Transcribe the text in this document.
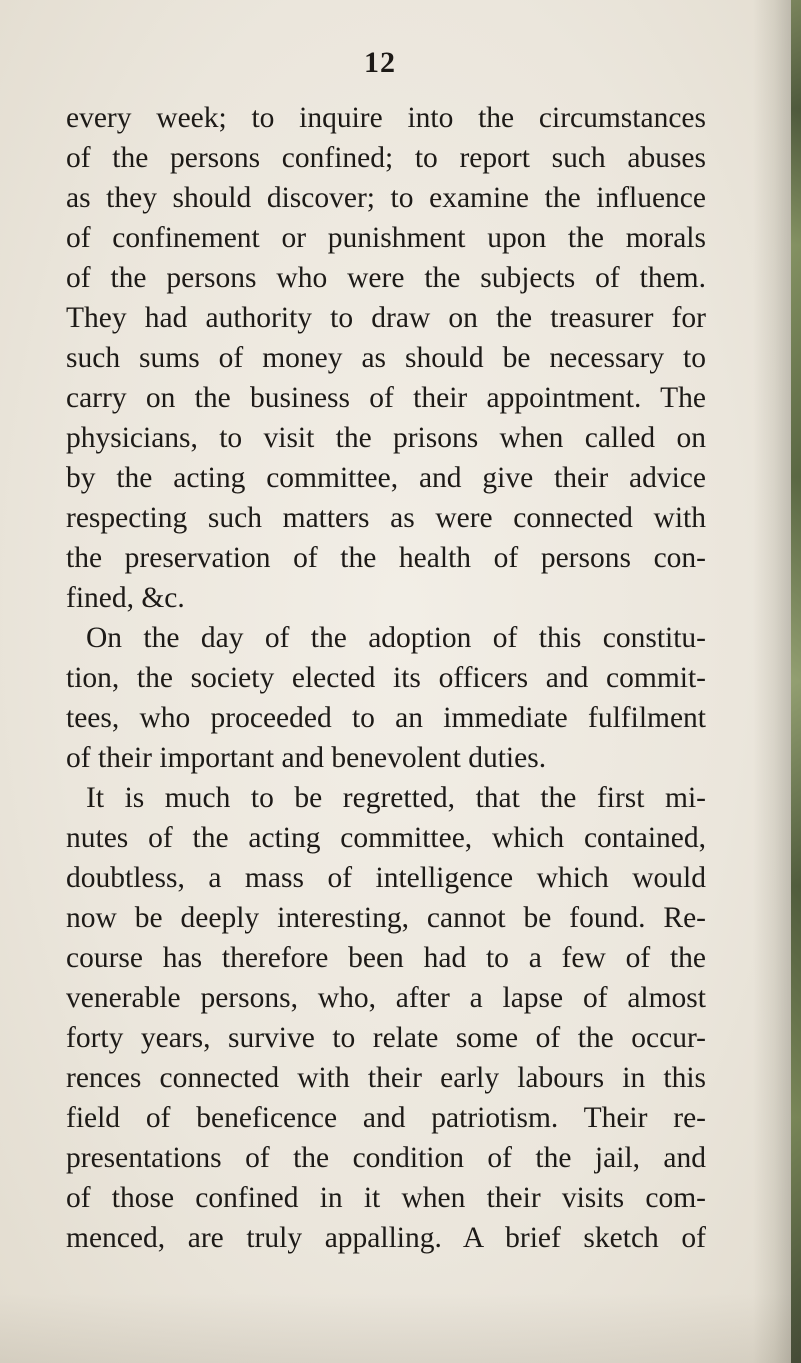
12
every week; to inquire into the circumstances
of the persons confined; to report such abuses
as they should discover; to examine the influence
of confinement or punishment upon the morals
of the persons who were the subjects of them.
They had authority to draw on the treasurer for
such sums of money as should be necessary to
carry on the business of their appointment. The
physicians, to visit the prisons when called on
by the acting committee, and give their advice
respecting such matters as were connected with
the preservation of the health of persons con-
fined, &c.
On the day of the adoption of this constitu-
tion, the society elected its officers and commit-
tees, who proceeded to an immediate fulfilment
of their important and benevolent duties.
It is much to be regretted, that the first mi-
nutes of the acting committee, which contained,
doubtless, a mass of intelligence which would
now be deeply interesting, cannot be found. Re-
course has therefore been had to a few of the
venerable persons, who, after a lapse of almost
forty years, survive to relate some of the occur-
rences connected with their early labours in this
field of beneficence and patriotism. Their re-
presentations of the condition of the jail, and
of those confined in it when their visits com-
menced, are truly appalling. A brief sketch of
